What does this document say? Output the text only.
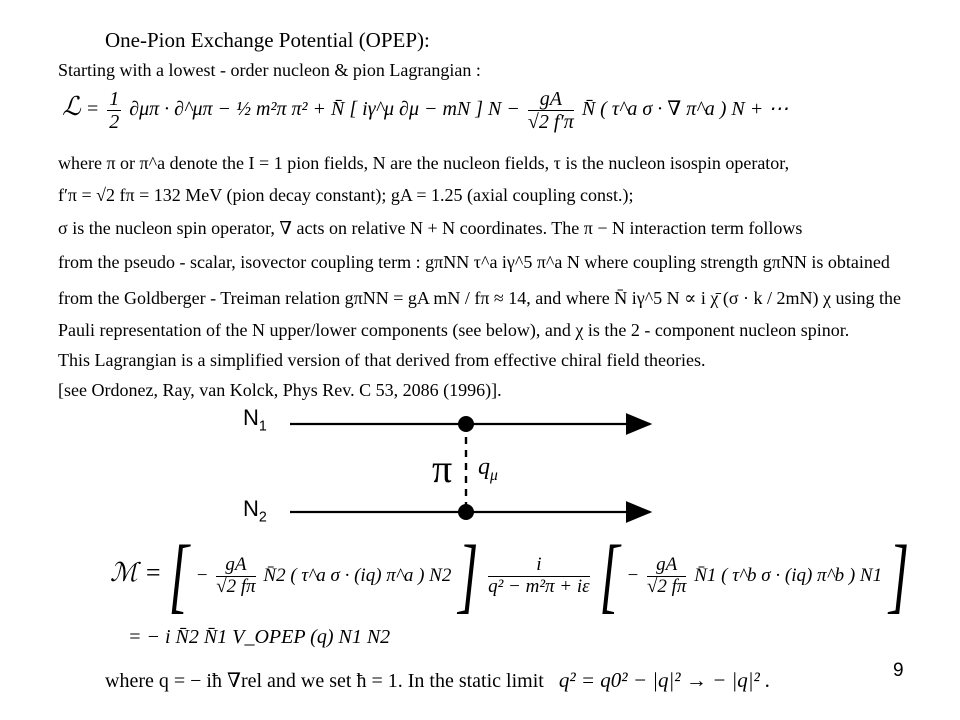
One-Pion Exchange Potential (OPEP):
Starting with a lowest - order nucleon & pion Lagrangian :
ℒ = $\frac{1}{2} \partial\mu\pi$ · ∂^μπ − ½ m²π π² + N̄ [ iγ^μ ∂μ − mN ] $N - \frac{gA}{√2 f'\pi}$ N̄ ( τ^a σ · ∇ π^a ) N + ⋯
where π or π^a denote the I = 1 pion fields, N are the nucleon fields, τ is the nucleon isospin operator,
f′π = √2 fπ = 132 MeV (pion decay constant); gA = 1.25 (axial coupling const.);
σ is the nucleon spin operator, ∇ acts on relative N + N coordinates. The π − N interaction term follows
from the pseudo - scalar, isovector coupling term : gπNN τ^a iγ^5 π^a N where coupling strength gπNN is obtained
from the Goldberger - Treiman relation gπNN = gA mN / fπ ≈ 14, and where N̄ iγ^5 N ∝ i χ̄ (σ · k / 2mN) χ using the
Pauli representation of the N upper/lower components (see below), and χ is the 2 - component nucleon spinor.
This Lagrangian is a simplified version of that derived from effective chiral field theories.
[see Ordonez, Ray, van Kolck, Phys Rev. C 53, 2086 (1996)].
$N_1$
$N_2$
π $q_\mu$
ℳ = [ − $\frac{gA}{√2 f\pi}$ N̄2 ( τ^a σ · (iq) π^a ) N2 ] $\frac{i}{\text{q² − m²π + iε}}$ [ − $\frac{gA}{√2 f\pi}$ N̄1 ( τ^b σ · (iq) π^b ) N1 ]
= − i N̄2 N̄1 V_OPEP (q) N1 N2
where q = − iħ ∇rel and we set ħ = 1. In the static limit q² = q0² − |q|² → − |q|² .	9
